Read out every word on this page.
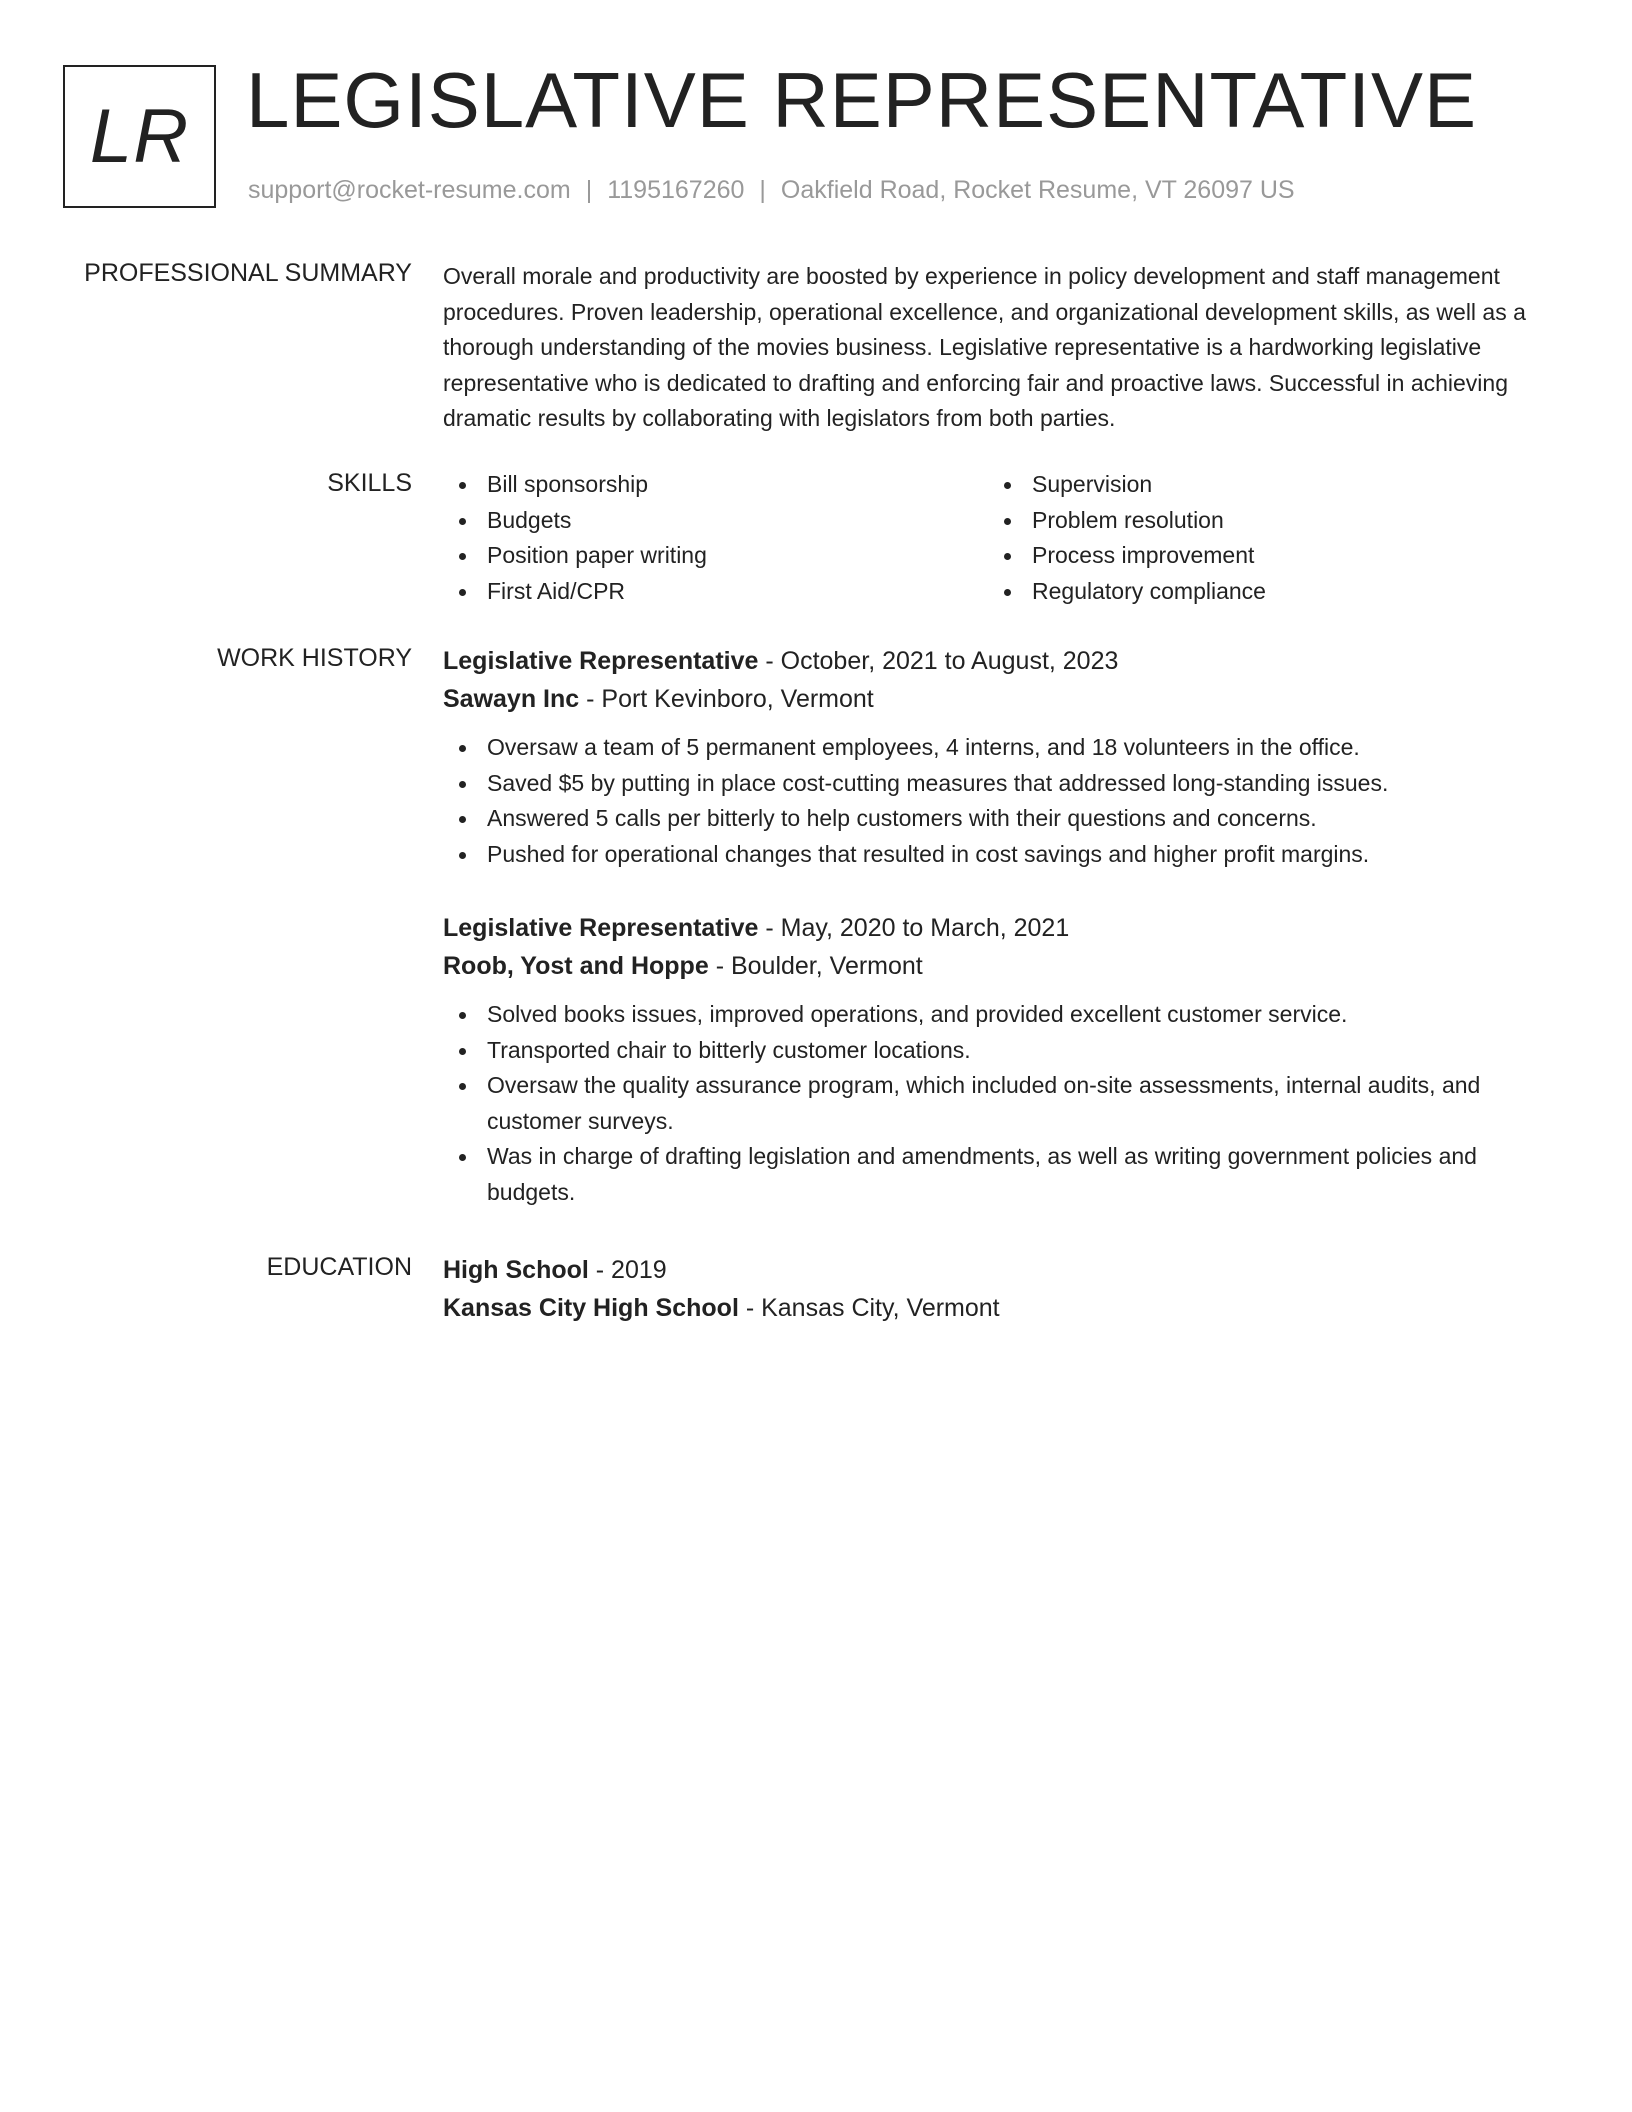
LR LEGISLATIVE REPRESENTATIVE
support@rocket-resume.com | 1195167260 | Oakfield Road, Rocket Resume, VT 26097 US
PROFESSIONAL SUMMARY Overall morale and productivity are boosted by experience in policy development and staff management procedures. Proven leadership, operational excellence, and organizational development skills, as well as a thorough understanding of the movies business. Legislative representative is a hardworking legislative representative who is dedicated to drafting and enforcing fair and proactive laws. Successful in achieving dramatic results by collaborating with legislators from both parties.
SKILLS	Bill sponsorship
Budgets
Position paper writing
First Aid/CPR
Supervision
Problem resolution
Process improvement
Regulatory compliance
WORK HISTORY Legislative Representative - October, 2021 to August, 2023
Sawayn Inc - Port Kevinboro, Vermont
Oversaw a team of 5 permanent employees, 4 interns, and 18 volunteers in the office.
Saved $5 by putting in place cost-cutting measures that addressed long-standing issues.
Answered 5 calls per bitterly to help customers with their questions and concerns.
Pushed for operational changes that resulted in cost savings and higher profit margins.
Legislative Representative - May, 2020 to March, 2021
Roob, Yost and Hoppe - Boulder, Vermont
Solved books issues, improved operations, and provided excellent customer service.
Transported chair to bitterly customer locations.
Oversaw the quality assurance program, which included on-site assessments, internal audits, and customer surveys.
Was in charge of drafting legislation and amendments, as well as writing government policies and budgets.
EDUCATION High School - 2019
Kansas City High School - Kansas City, Vermont
